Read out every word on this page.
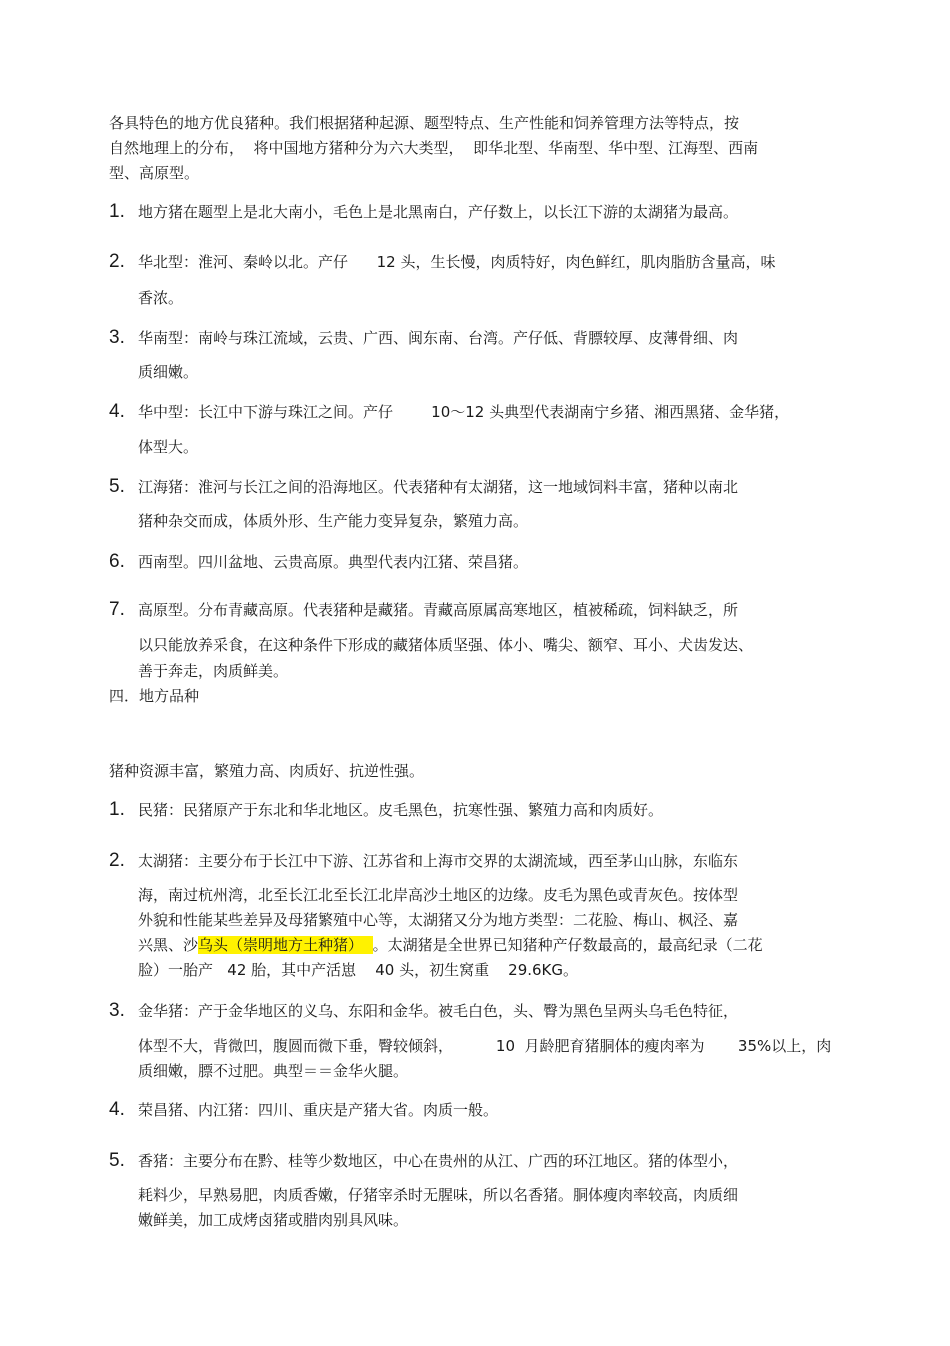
各具特色的地方优良猪种。我们根据猪种起源、题型特点、生产性能和饲养管理方法等特点，按
自然地理上的分布，  将中国地方猪种分为六大类型，  即华北型、华南型、华中型、江海型、西南
型、高原型。
1. 地方猪在题型上是北大南小，毛色上是北黑南白，产仔数上，以长江下游的太湖猪为最高。
2. 华北型：淮河、秦岭以北。产仔      12 头，生长慢，肉质特好，肉色鲜红，肌肉脂肪含量高，味
香浓。
3. 华南型：南岭与珠江流域，云贵、广西、闽东南、台湾。产仔低、背膘较厚、皮薄骨细、肉
质细嫩。
4. 华中型：长江中下游与珠江之间。产仔        10～12 头典型代表湖南宁乡猪、湘西黑猪、金华猪，
体型大。
5. 江海猪：淮河与长江之间的沿海地区。代表猪种有太湖猪，这一地域饲料丰富，猪种以南北
猪种杂交而成，体质外形、生产能力变异复杂，繁殖力高。
6. 西南型。四川盆地、云贵高原。典型代表内江猪、荣昌猪。
7. 高原型。分布青藏高原。代表猪种是藏猪。青藏高原属高寒地区，植被稀疏，饲料缺乏，所
以只能放养采食，在这种条件下形成的藏猪体质坚强、体小、嘴尖、额窄、耳小、犬齿发达、
善于奔走，肉质鲜美。
四．地方品种
猪种资源丰富，繁殖力高、肉质好、抗逆性强。
1. 民猪：民猪原产于东北和华北地区。皮毛黑色，抗寒性强、繁殖力高和肉质好。
2. 太湖猪：主要分布于长江中下游、江苏省和上海市交界的太湖流域，西至茅山山脉，东临东
海，南过杭州湾，北至长江北至长江北岸高沙土地区的边缘。皮毛为黑色或青灰色。按体型
外貌和性能某些差异及母猪繁殖中心等，太湖猪又分为地方类型：二花脸、梅山、枫泾、嘉
兴黑、沙乌头（崇明地方土种猪）  。太湖猪是全世界已知猪种产仔数最高的，最高纪录（二花
脸）一胎产   42 胎，其中产活崽    40 头，初生窝重    29.6KG。
3. 金华猪：产于金华地区的义乌、东阳和金华。被毛白色，头、臀为黑色呈两头乌毛色特征，
体型不大，背微凹，腹圆而微下垂，臀较倾斜，         10  月龄肥育猪胴体的瘦肉率为       35%以上，肉
质细嫩，膘不过肥。典型＝＝金华火腿。
4. 荣昌猪、内江猪：四川、重庆是产猪大省。肉质一般。
5. 香猪：主要分布在黔、桂等少数地区，中心在贵州的从江、广西的环江地区。猪的体型小，
耗料少，早熟易肥，肉质香嫩，仔猪宰杀时无腥味，所以名香猪。胴体瘦肉率较高，肉质细
嫩鲜美，加工成烤卤猪或腊肉别具风味。
